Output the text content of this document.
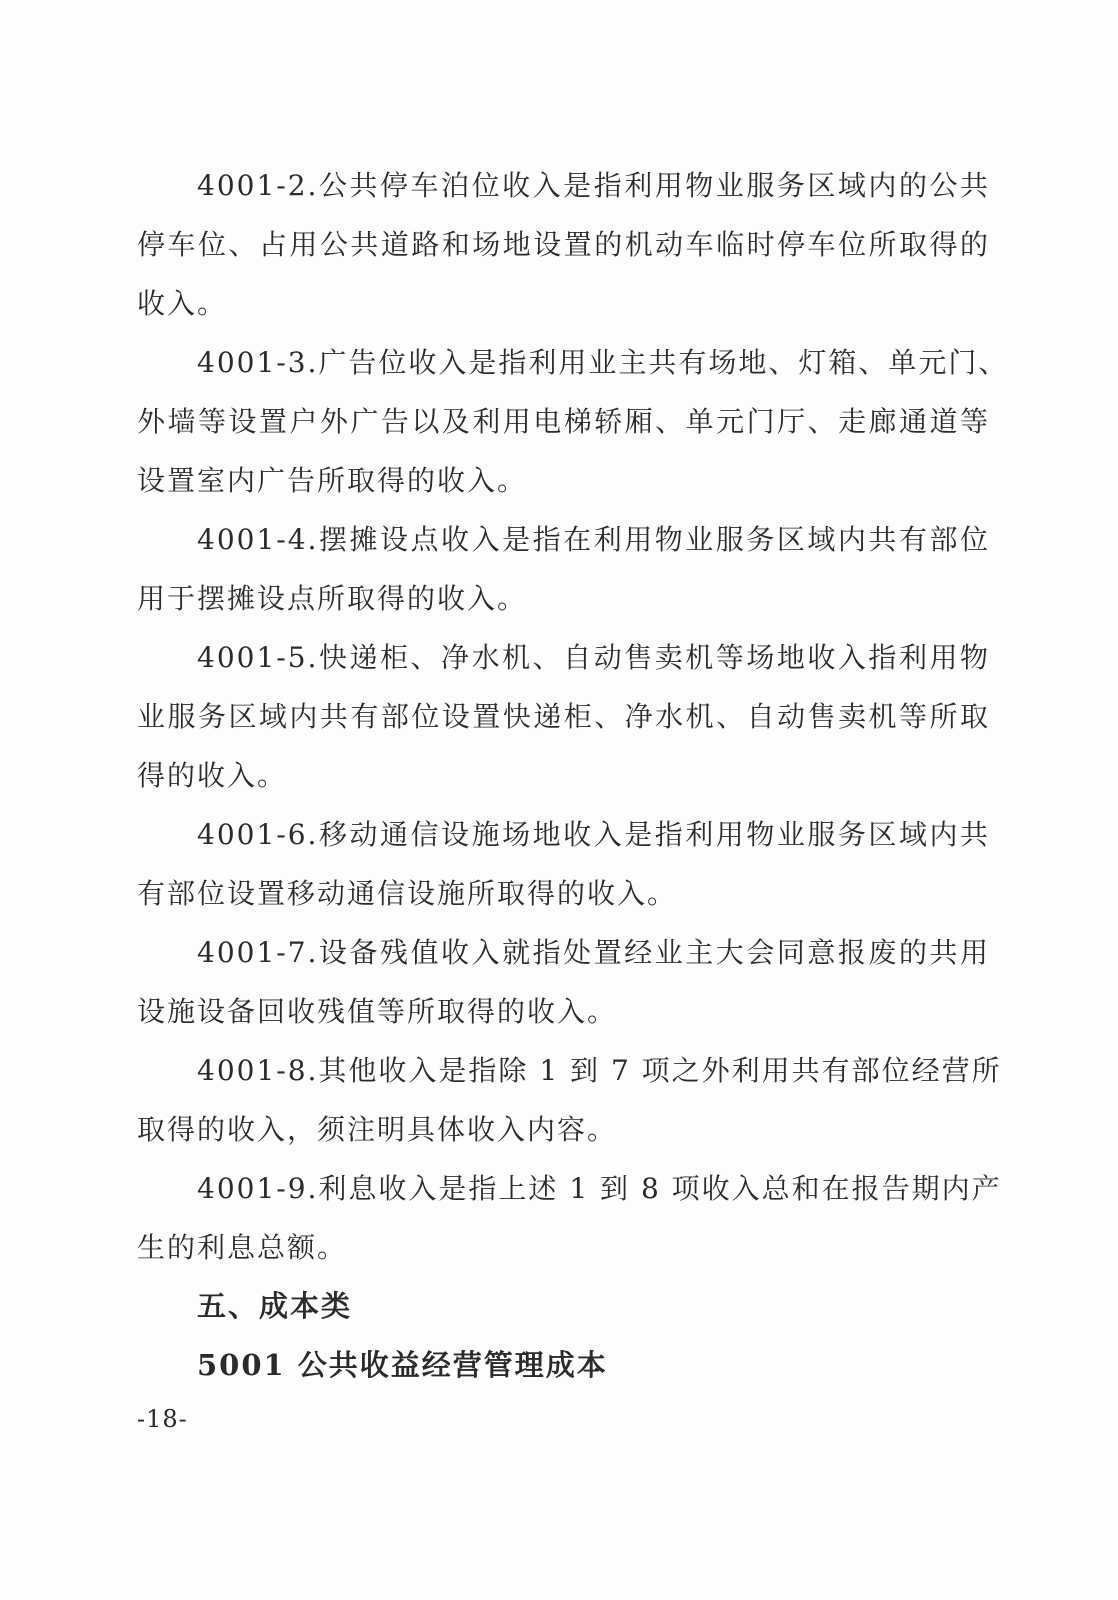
4001-2.公共停车泊位收入是指利用物业服务区域内的公共
停车位、占用公共道路和场地设置的机动车临时停车位所取得的
收入。
4001-3.广告位收入是指利用业主共有场地、灯箱、单元门、
外墙等设置户外广告以及利用电梯轿厢、单元门厅、走廊通道等
设置室内广告所取得的收入。
4001-4.摆摊设点收入是指在利用物业服务区域内共有部位
用于摆摊设点所取得的收入。
4001-5.快递柜、净水机、自动售卖机等场地收入指利用物
业服务区域内共有部位设置快递柜、净水机、自动售卖机等所取
得的收入。
4001-6.移动通信设施场地收入是指利用物业服务区域内共
有部位设置移动通信设施所取得的收入。
4001-7.设备残值收入就指处置经业主大会同意报废的共用
设施设备回收残值等所取得的收入。
4001-8.其他收入是指除 1 到 7 项之外利用共有部位经营所
取得的收入，须注明具体收入内容。
4001-9.利息收入是指上述 1 到 8 项收入总和在报告期内产
生的利息总额。
五、成本类
5001 公共收益经营管理成本
-18-
